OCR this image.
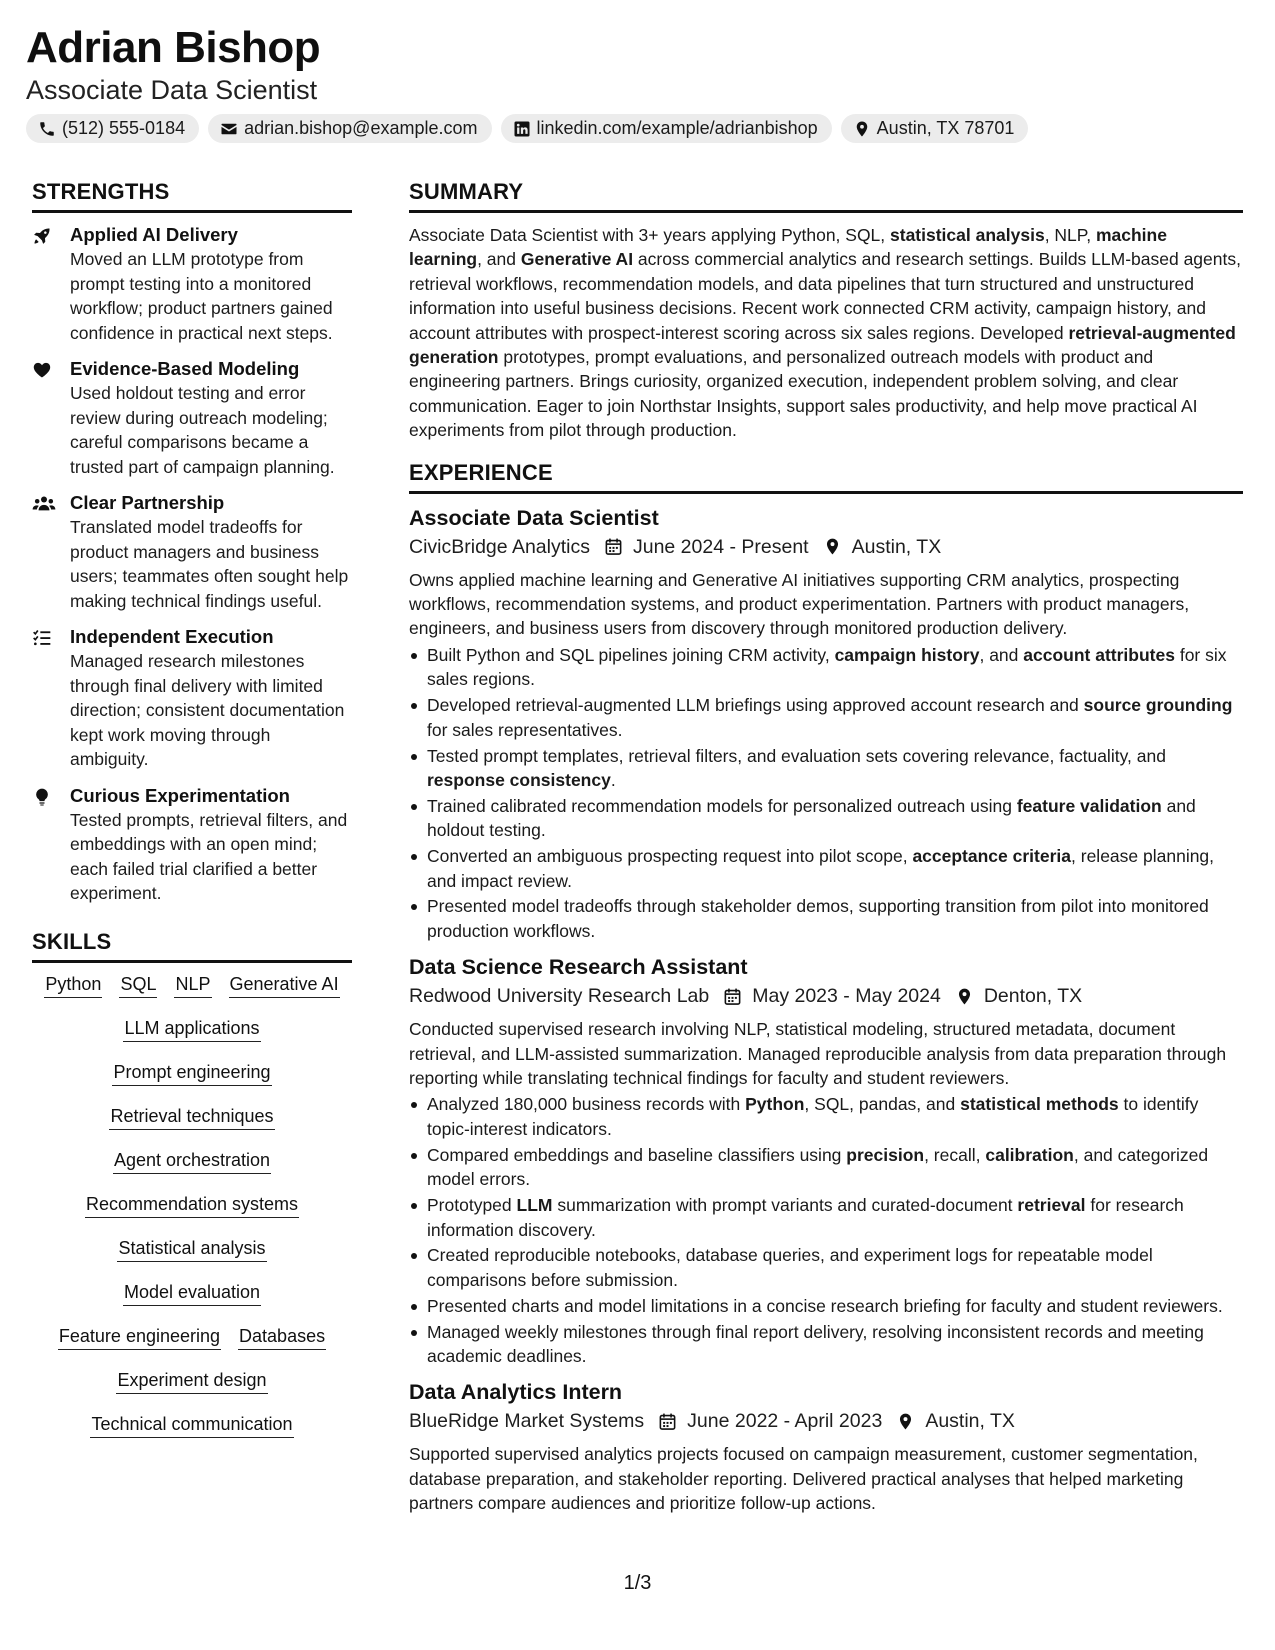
Adrian Bishop
Associate Data Scientist
(512) 555-0184	adrian.bishop@example.com	linkedin.com/example/adrianbishop	Austin, TX 78701
STRENGTHS
Applied AI Delivery
Moved an LLM prototype from prompt testing into a monitored workflow; product partners gained confidence in practical next steps.
Evidence-Based Modeling
Used holdout testing and error review during outreach modeling; careful comparisons became a trusted part of campaign planning.
Clear Partnership
Translated model tradeoffs for product managers and business users; teammates often sought help making technical findings useful.
Independent Execution
Managed research milestones through final delivery with limited direction; consistent documentation kept work moving through ambiguity.
Curious Experimentation
Tested prompts, retrieval filters, and embeddings with an open mind; each failed trial clarified a better experiment.
SKILLS
Python SQL NLP Generative AI
LLM applications
Prompt engineering
Retrieval techniques
Agent orchestration
Recommendation systems
Statistical analysis
Model evaluation
Feature engineering Databases
Experiment design
Technical communication
SUMMARY
Associate Data Scientist with 3+ years applying Python, SQL, statistical analysis, NLP, machine learning, and Generative AI across commercial analytics and research settings. Builds LLM-based agents, retrieval workflows, recommendation models, and data pipelines that turn structured and unstructured information into useful business decisions. Recent work connected CRM activity, campaign history, and account attributes with prospect-interest scoring across six sales regions. Developed retrieval-augmented generation prototypes, prompt evaluations, and personalized outreach models with product and engineering partners. Brings curiosity, organized execution, independent problem solving, and clear communication. Eager to join Northstar Insights, support sales productivity, and help move practical AI experiments from pilot through production.
EXPERIENCE
Associate Data Scientist
CivicBridge Analytics June 2024 - Present Austin, TX
Owns applied machine learning and Generative AI initiatives supporting CRM analytics, prospecting workflows, recommendation systems, and product experimentation. Partners with product managers, engineers, and business users from discovery through monitored production delivery.
Built Python and SQL pipelines joining CRM activity, campaign history, and account attributes for six sales regions.
Developed retrieval-augmented LLM briefings using approved account research and source grounding for sales representatives.
Tested prompt templates, retrieval filters, and evaluation sets covering relevance, factuality, and response consistency.
Trained calibrated recommendation models for personalized outreach using feature validation and holdout testing.
Converted an ambiguous prospecting request into pilot scope, acceptance criteria, release planning, and impact review.
Presented model tradeoffs through stakeholder demos, supporting transition from pilot into monitored production workflows.
Data Science Research Assistant
Redwood University Research Lab May 2023 - May 2024 Denton, TX
Conducted supervised research involving NLP, statistical modeling, structured metadata, document retrieval, and LLM-assisted summarization. Managed reproducible analysis from data preparation through reporting while translating technical findings for faculty and student reviewers.
Analyzed 180,000 business records with Python, SQL, pandas, and statistical methods to identify topic-interest indicators.
Compared embeddings and baseline classifiers using precision, recall, calibration, and categorized model errors.
Prototyped LLM summarization with prompt variants and curated-document retrieval for research information discovery.
Created reproducible notebooks, database queries, and experiment logs for repeatable model comparisons before submission.
Presented charts and model limitations in a concise research briefing for faculty and student reviewers.
Managed weekly milestones through final report delivery, resolving inconsistent records and meeting academic deadlines.
Data Analytics Intern
BlueRidge Market Systems June 2022 - April 2023 Austin, TX
Supported supervised analytics projects focused on campaign measurement, customer segmentation, database preparation, and stakeholder reporting. Delivered practical analyses that helped marketing partners compare audiences and prioritize follow-up actions.
1/3
